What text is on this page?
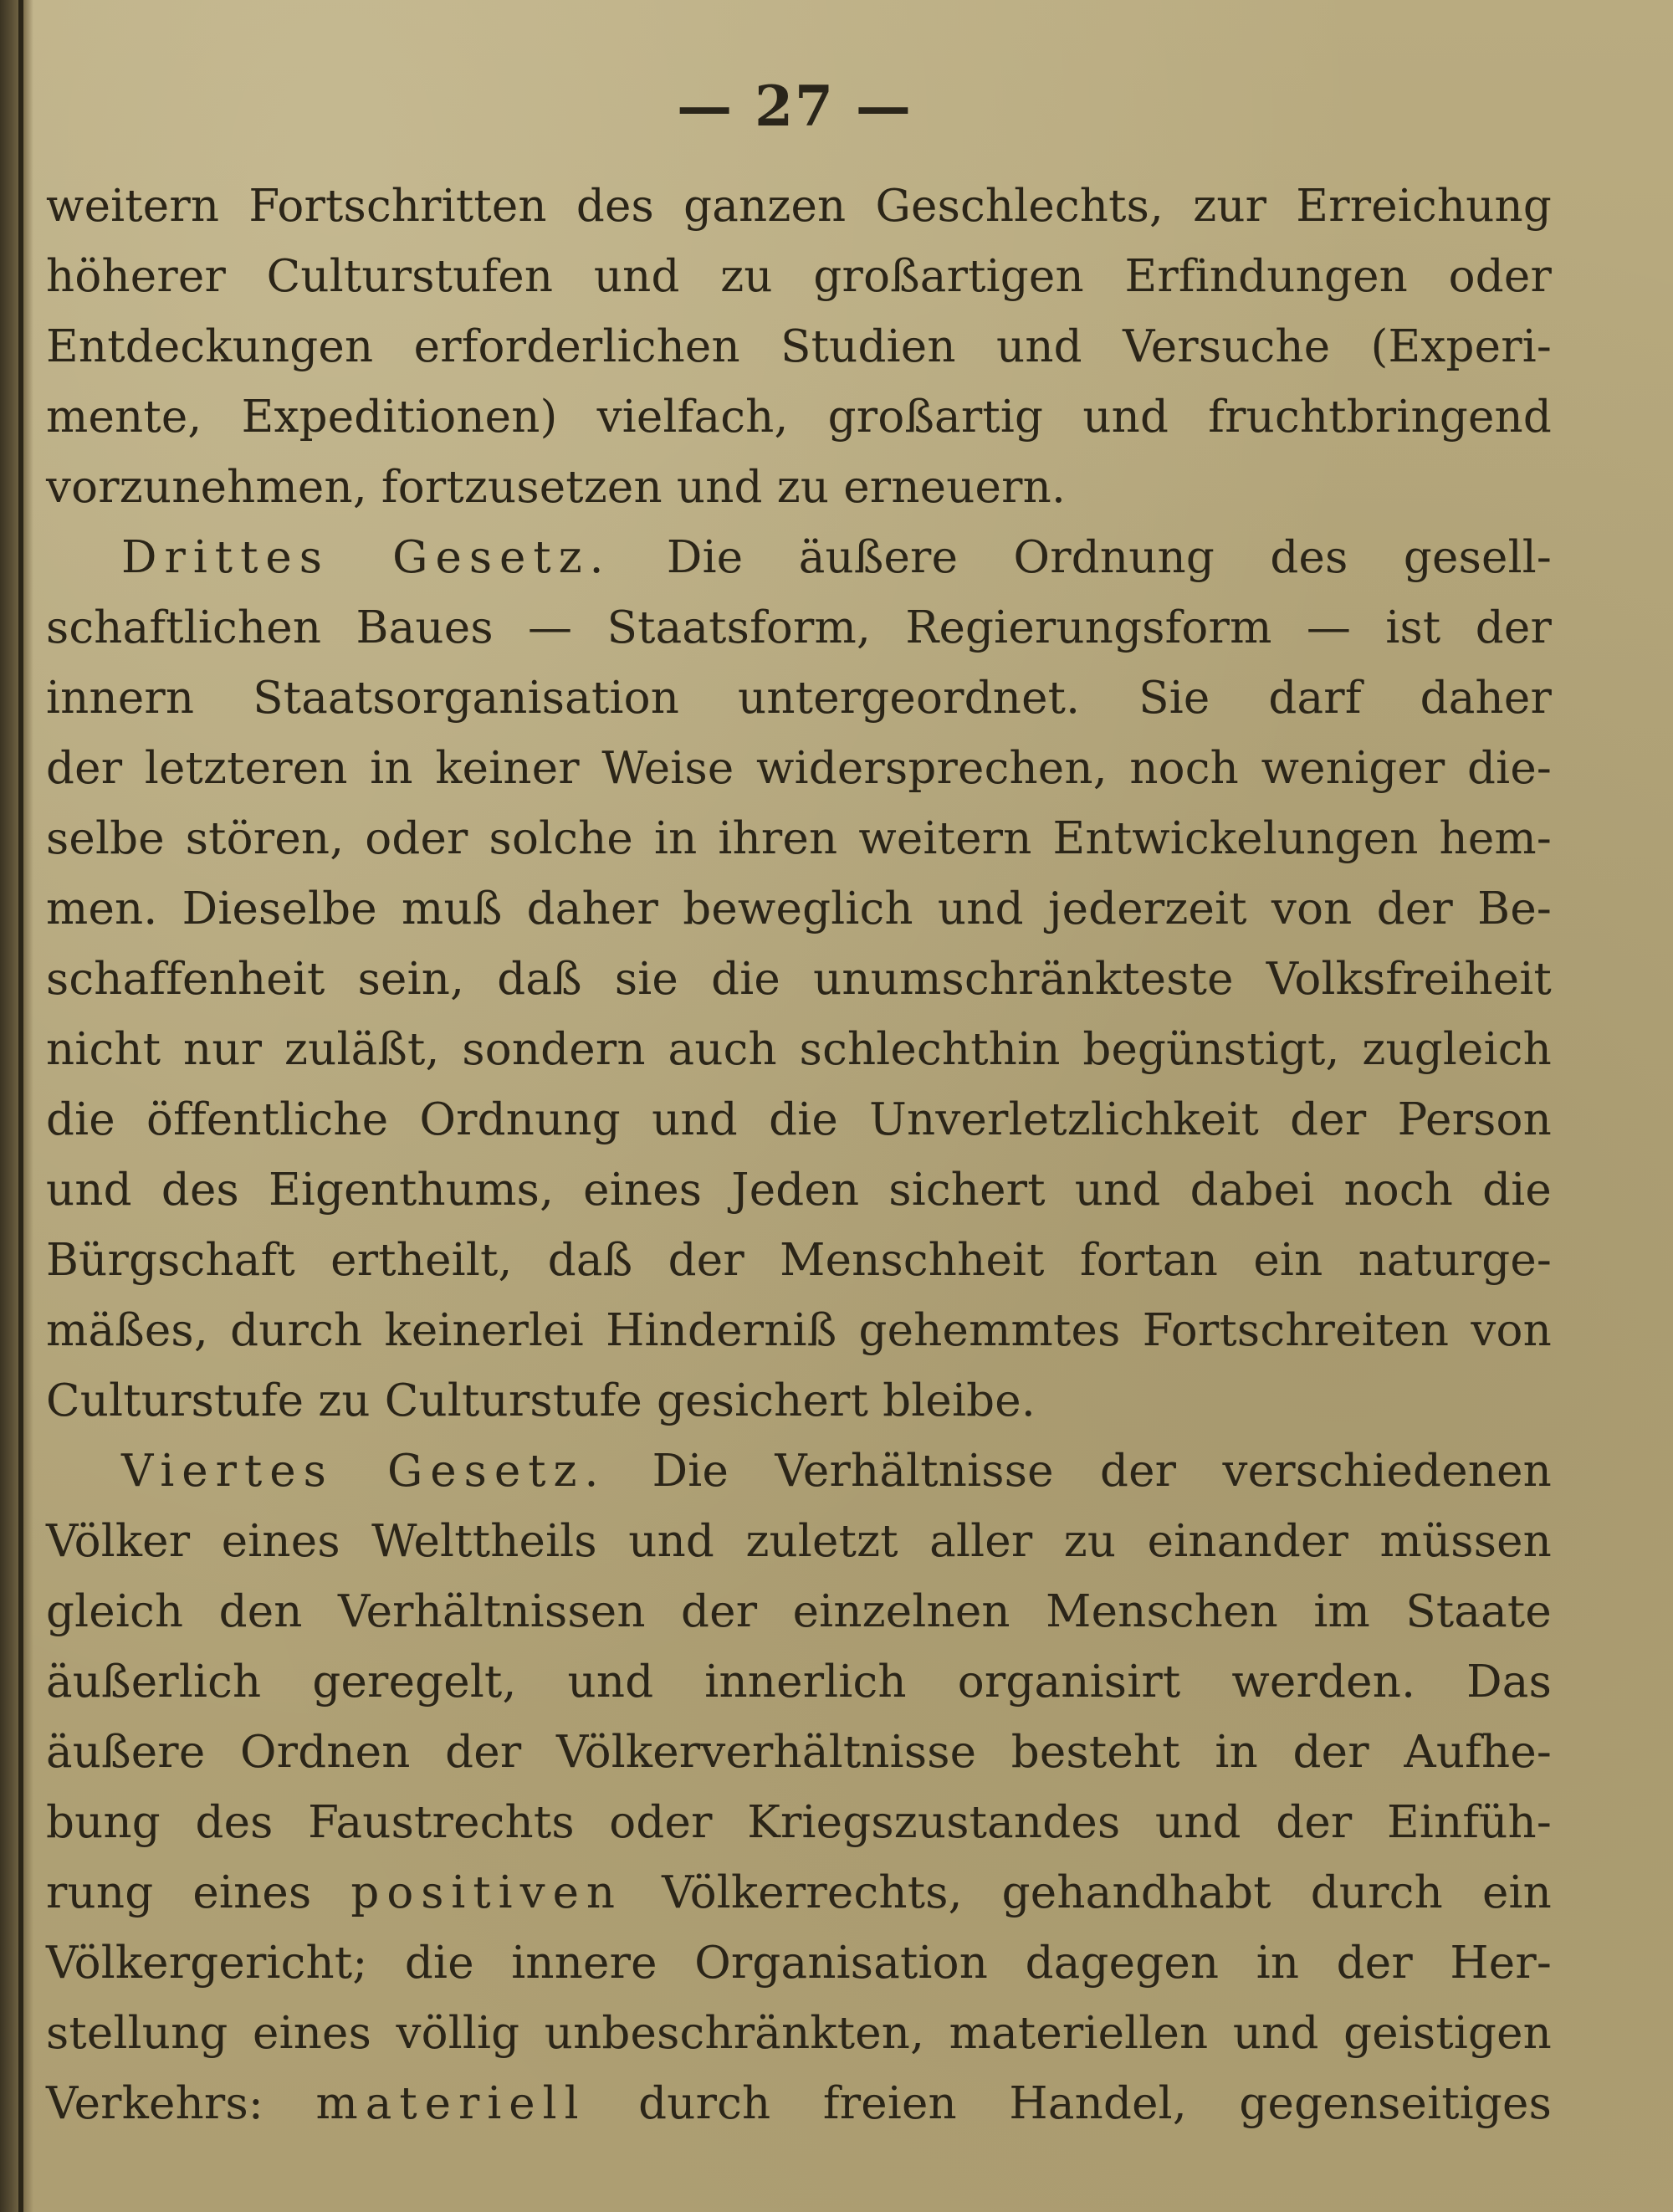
— 27 —
weitern Fortschritten des ganzen Geschlechts, zur Erreichung
höherer Culturstufen und zu großartigen Erfindungen oder
Entdeckungen erforderlichen Studien und Versuche (Experi-
mente, Expeditionen) vielfach, großartig und fruchtbringend
vorzunehmen, fortzusetzen und zu erneuern.
Drittes Gesetz. Die äußere Ordnung des gesell-
schaftlichen Baues — Staatsform, Regierungsform — ist der
innern Staatsorganisation untergeordnet. Sie darf daher
der letzteren in keiner Weise widersprechen, noch weniger die-
selbe stören, oder solche in ihren weitern Entwickelungen hem-
men. Dieselbe muß daher beweglich und jederzeit von der Be-
schaffenheit sein, daß sie die unumschränkteste Volksfreiheit
nicht nur zuläßt, sondern auch schlechthin begünstigt, zugleich
die öffentliche Ordnung und die Unverletzlichkeit der Person
und des Eigenthums, eines Jeden sichert und dabei noch die
Bürgschaft ertheilt, daß der Menschheit fortan ein naturge-
mäßes, durch keinerlei Hinderniß gehemmtes Fortschreiten von
Culturstufe zu Culturstufe gesichert bleibe.
Viertes Gesetz. Die Verhältnisse der verschiedenen
Völker eines Welttheils und zuletzt aller zu einander müssen
gleich den Verhältnissen der einzelnen Menschen im Staate
äußerlich geregelt, und innerlich organisirt werden. Das
äußere Ordnen der Völkerverhältnisse besteht in der Aufhe-
bung des Faustrechts oder Kriegszustandes und der Einfüh-
rung eines positiven Völkerrechts, gehandhabt durch ein
Völkergericht; die innere Organisation dagegen in der Her-
stellung eines völlig unbeschränkten, materiellen und geistigen
Verkehrs: materiell durch freien Handel, gegenseitiges
